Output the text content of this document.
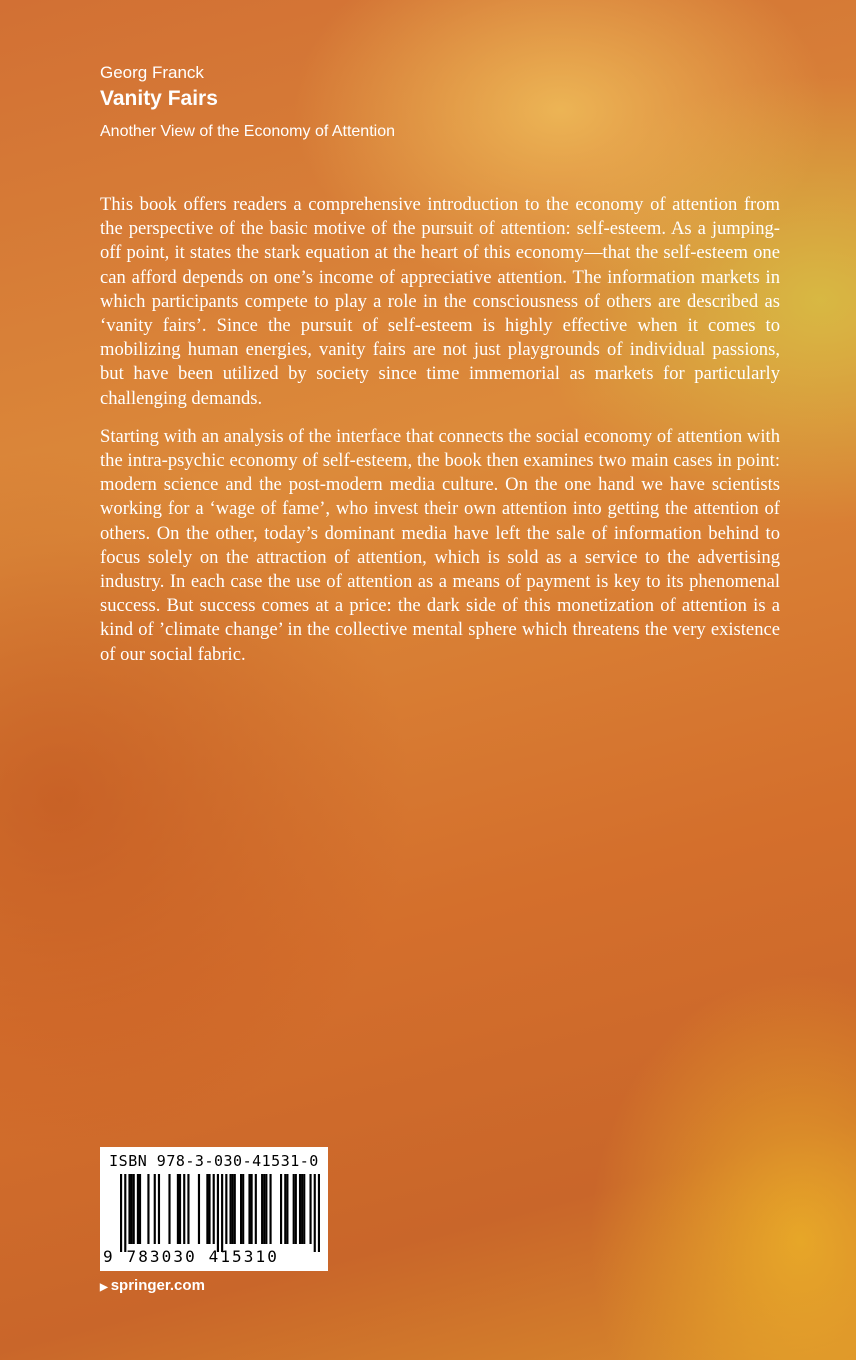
Georg Franck
Vanity Fairs
Another View of the Economy of Attention

This book offers readers a comprehensive introduction to the economy of attention from the perspective of the basic motive of the pursuit of attention: self-esteem. As a jumping-off point, it states the stark equation at the heart of this economy—that the self-esteem one can afford depends on one’s income of appreciative attention. The information markets in which participants compete to play a role in the consciousness of others are described as ‘vanity fairs’. Since the pursuit of self-esteem is highly effective when it comes to mobilizing human energies, vanity fairs are not just playgrounds of individual passions, but have been utilized by society since time immemorial as markets for particularly challenging demands.

Starting with an analysis of the interface that connects the social economy of attention with the intra-psychic economy of self-esteem, the book then examines two main cases in point: modern science and the post-modern media culture. On the one hand we have scientists working for a ‘wage of fame’, who invest their own attention into getting the attention of others. On the other, today’s dominant media have left the sale of information behind to focus solely on the attraction of attention, which is sold as a service to the advertising industry. In each case the use of attention as a means of payment is key to its phenomenal success. But success comes at a price: the dark side of this monetization of attention is a kind of ’climate change’ in the collective mental sphere which threatens the very existence of our social fabric.

ISBN 978-3-030-41531-0
9 783030 415310
▶ springer.com
